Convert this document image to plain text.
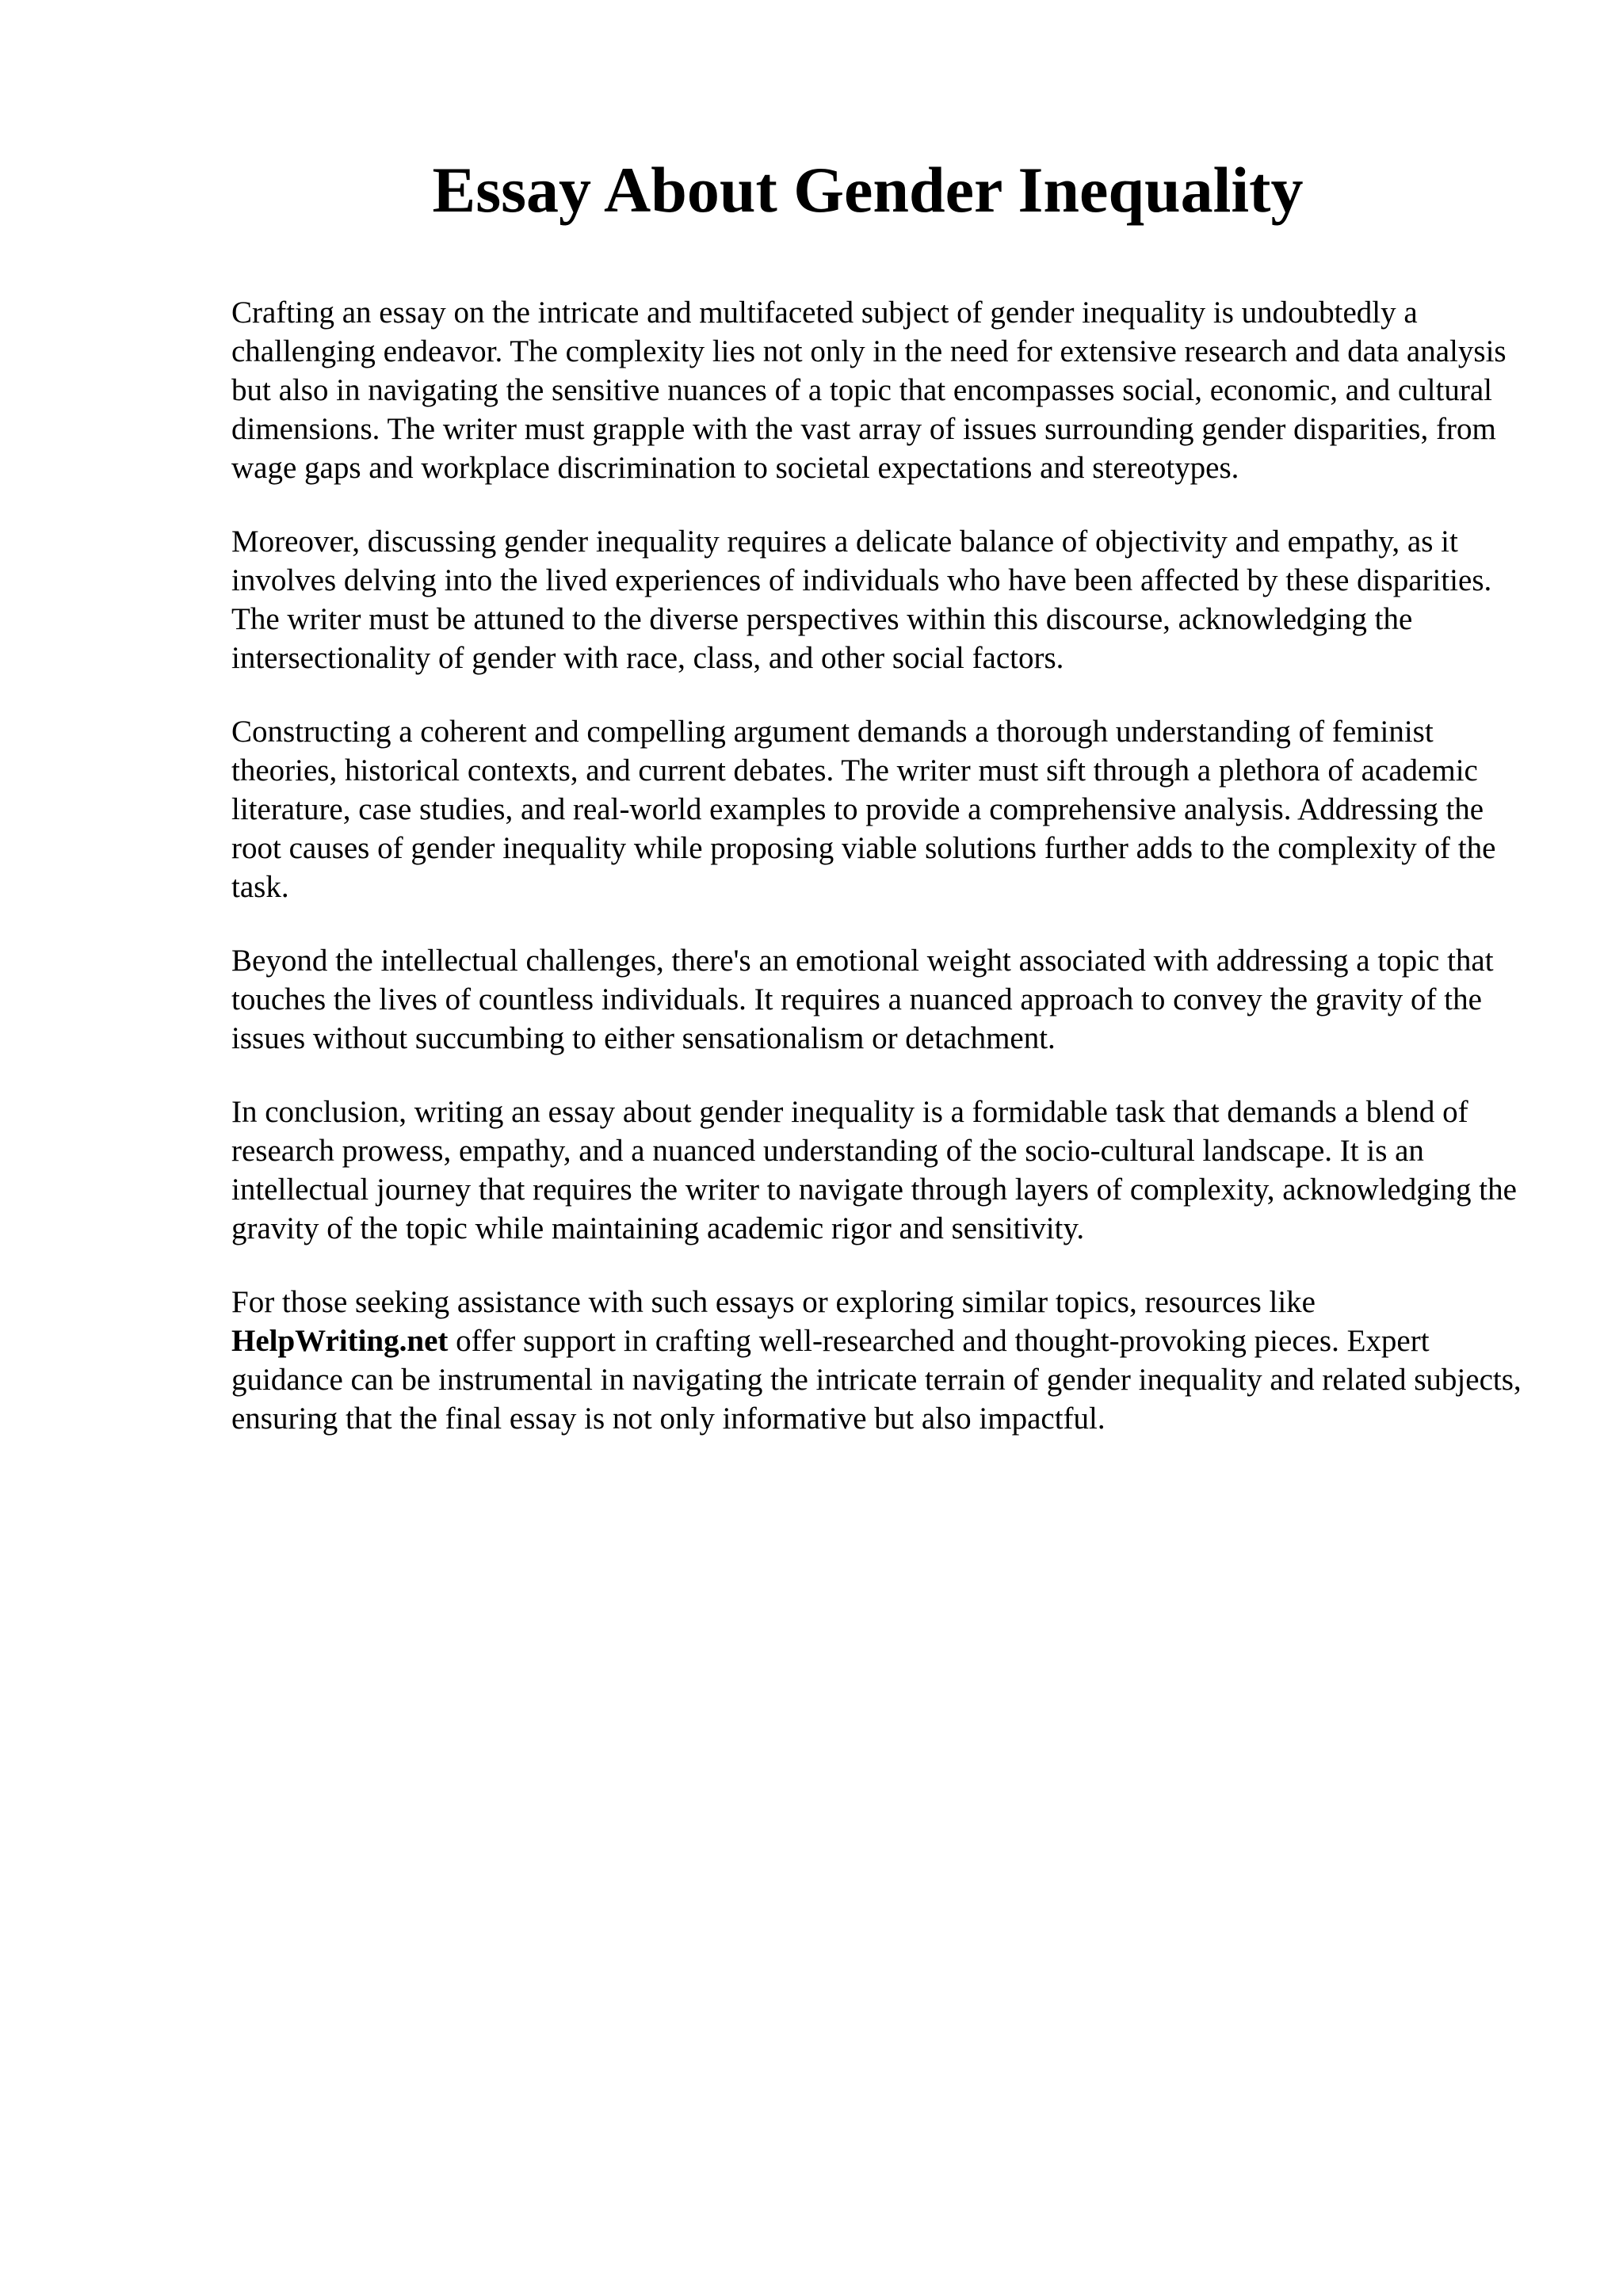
Essay About Gender Inequality

Crafting an essay on the intricate and multifaceted subject of gender inequality is undoubtedly a challenging endeavor. The complexity lies not only in the need for extensive research and data analysis but also in navigating the sensitive nuances of a topic that encompasses social, economic, and cultural dimensions. The writer must grapple with the vast array of issues surrounding gender disparities, from wage gaps and workplace discrimination to societal expectations and stereotypes.

Moreover, discussing gender inequality requires a delicate balance of objectivity and empathy, as it involves delving into the lived experiences of individuals who have been affected by these disparities. The writer must be attuned to the diverse perspectives within this discourse, acknowledging the intersectionality of gender with race, class, and other social factors.

Constructing a coherent and compelling argument demands a thorough understanding of feminist theories, historical contexts, and current debates. The writer must sift through a plethora of academic literature, case studies, and real-world examples to provide a comprehensive analysis. Addressing the root causes of gender inequality while proposing viable solutions further adds to the complexity of the task.

Beyond the intellectual challenges, there's an emotional weight associated with addressing a topic that touches the lives of countless individuals. It requires a nuanced approach to convey the gravity of the issues without succumbing to either sensationalism or detachment.

In conclusion, writing an essay about gender inequality is a formidable task that demands a blend of research prowess, empathy, and a nuanced understanding of the socio-cultural landscape. It is an intellectual journey that requires the writer to navigate through layers of complexity, acknowledging the gravity of the topic while maintaining academic rigor and sensitivity.

For those seeking assistance with such essays or exploring similar topics, resources like HelpWriting.net offer support in crafting well-researched and thought-provoking pieces. Expert guidance can be instrumental in navigating the intricate terrain of gender inequality and related subjects, ensuring that the final essay is not only informative but also impactful.
